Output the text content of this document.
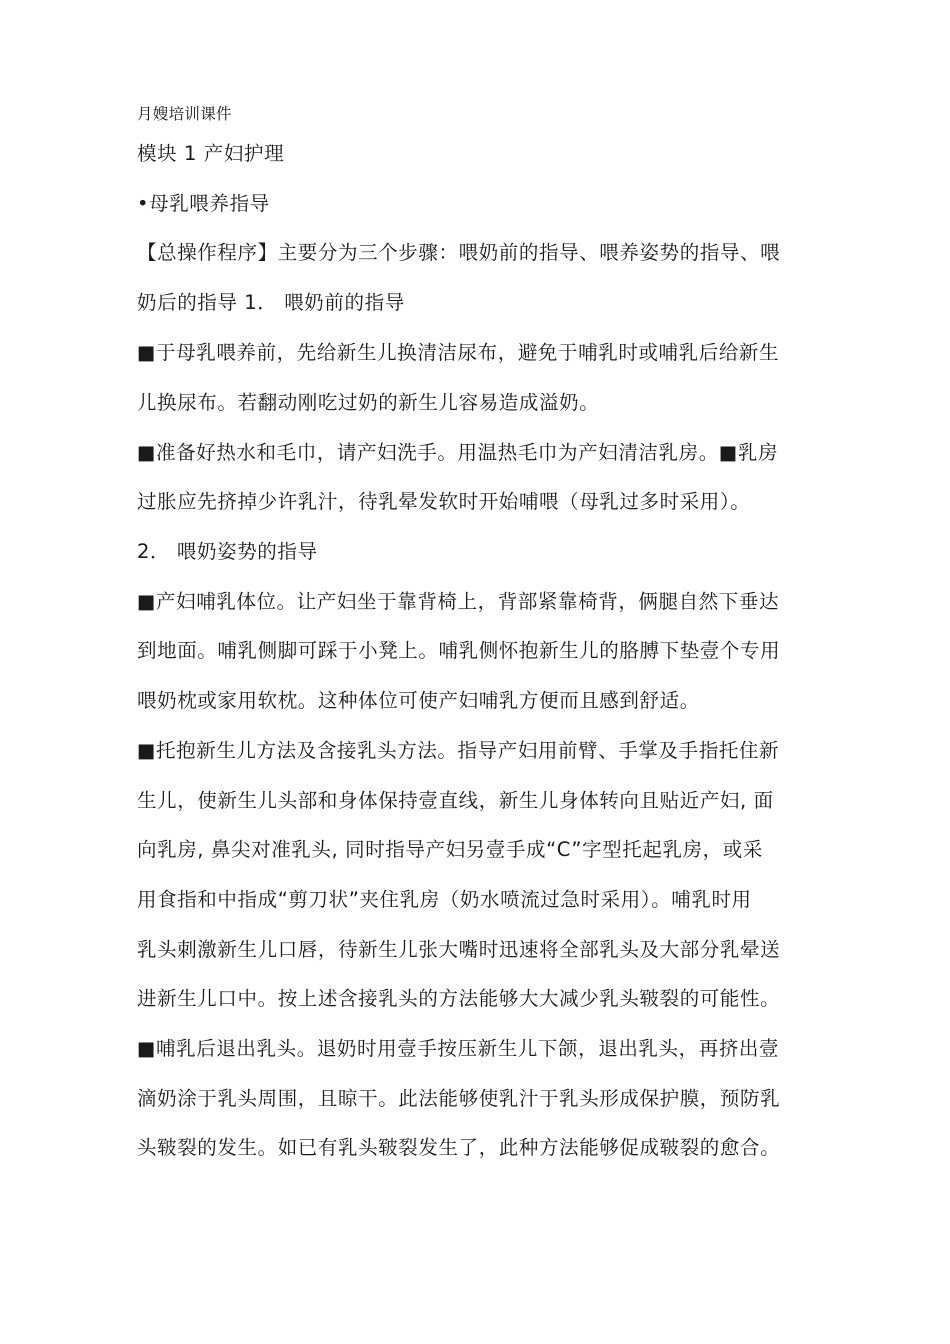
月嫂培训课件
模块 1 产妇护理
•母乳喂养指导
【总操作程序】主要分为三个步骤：喂奶前的指导、喂养姿势的指导、喂
奶后的指导 1． 喂奶前的指导
■于母乳喂养前，先给新生儿换清洁尿布，避免于哺乳时或哺乳后给新生
儿换尿布。若翻动刚吃过奶的新生儿容易造成溢奶。
■准备好热水和毛巾，请产妇洗手。用温热毛巾为产妇清洁乳房。■乳房
过胀应先挤掉少许乳汁，待乳晕发软时开始哺喂（母乳过多时采用）。
2． 喂奶姿势的指导
■产妇哺乳体位。让产妇坐于靠背椅上，背部紧靠椅背，俩腿自然下垂达
到地面。哺乳侧脚可踩于小凳上。哺乳侧怀抱新生儿的胳膊下垫壹个专用
喂奶枕或家用软枕。这种体位可使产妇哺乳方便而且感到舒适。
■托抱新生儿方法及含接乳头方法。指导产妇用前臂、手掌及手指托住新
生儿，使新生儿头部和身体保持壹直线，新生儿身体转向且贴近产妇, 面
向乳房, 鼻尖对准乳头, 同时指导产妇另壹手成“C”字型托起乳房，或采
用食指和中指成“剪刀状”夹住乳房（奶水喷流过急时采用）。哺乳时用
乳头刺激新生儿口唇，待新生儿张大嘴时迅速将全部乳头及大部分乳晕送
进新生儿口中。按上述含接乳头的方法能够大大减少乳头皲裂的可能性。
■哺乳后退出乳头。退奶时用壹手按压新生儿下颌，退出乳头，再挤出壹
滴奶涂于乳头周围，且晾干。此法能够使乳汁于乳头形成保护膜，预防乳
头皲裂的发生。如已有乳头皲裂发生了，此种方法能够促成皲裂的愈合。
